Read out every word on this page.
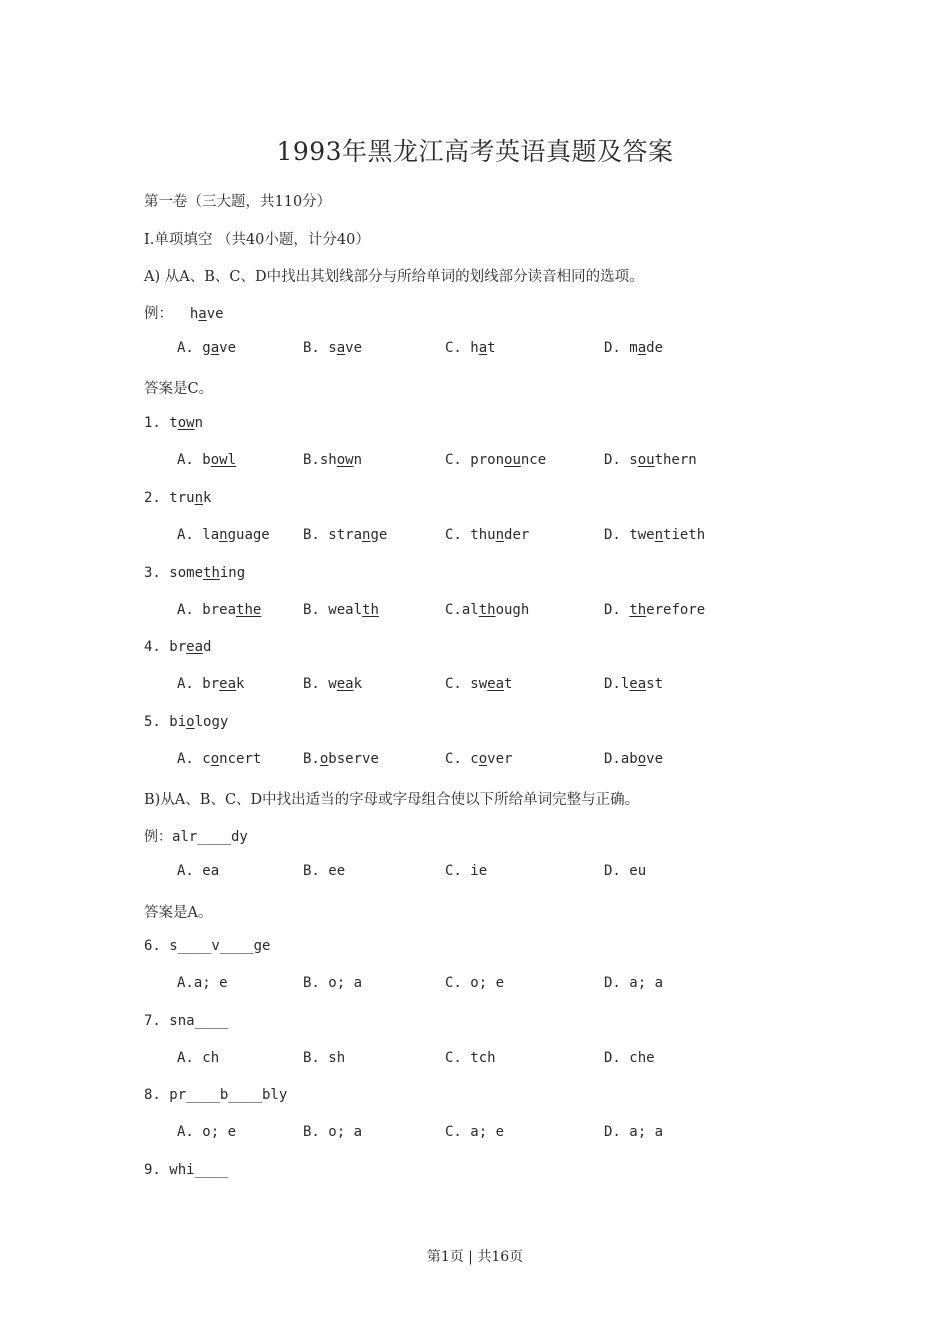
1993年黑龙江高考英语真题及答案
第一卷（三大题，共110分）
Ⅰ.单项填空 （共40小题，计分40）
A) 从A、B、C、D中找出其划线部分与所给单词的划线部分读音相同的选项。
例： have
A. gave	B. save	C. hat	D. made
答案是C。
1. town
A. bowl	B.shown	C. pronounce	D. southern
2. trunk
A. language B. strange	C. thunder	D. twentieth
3. something
A. breathe	B. wealth	C.although	D. therefore
4. bread
A. break	B. weak	C. sweat	D.least
5. biology
A. concert	B.observe	C. cover	D.above
B)从A、B、C、D中找出适当的字母或字母组合使以下所给单词完整与正确。
例：alr____dy
A. ea	B. ee	C. ie	D. eu
答案是A。
6. s____v____ge
A.a; e	B. o; a	C. o; e	D. a; a
7. sna____
A. ch	B. sh	C. tch	D. che
8. pr____b____bly
A. o; e	B. o; a	C. a; e	D. a; a
9. whi____
第1页 | 共16页
